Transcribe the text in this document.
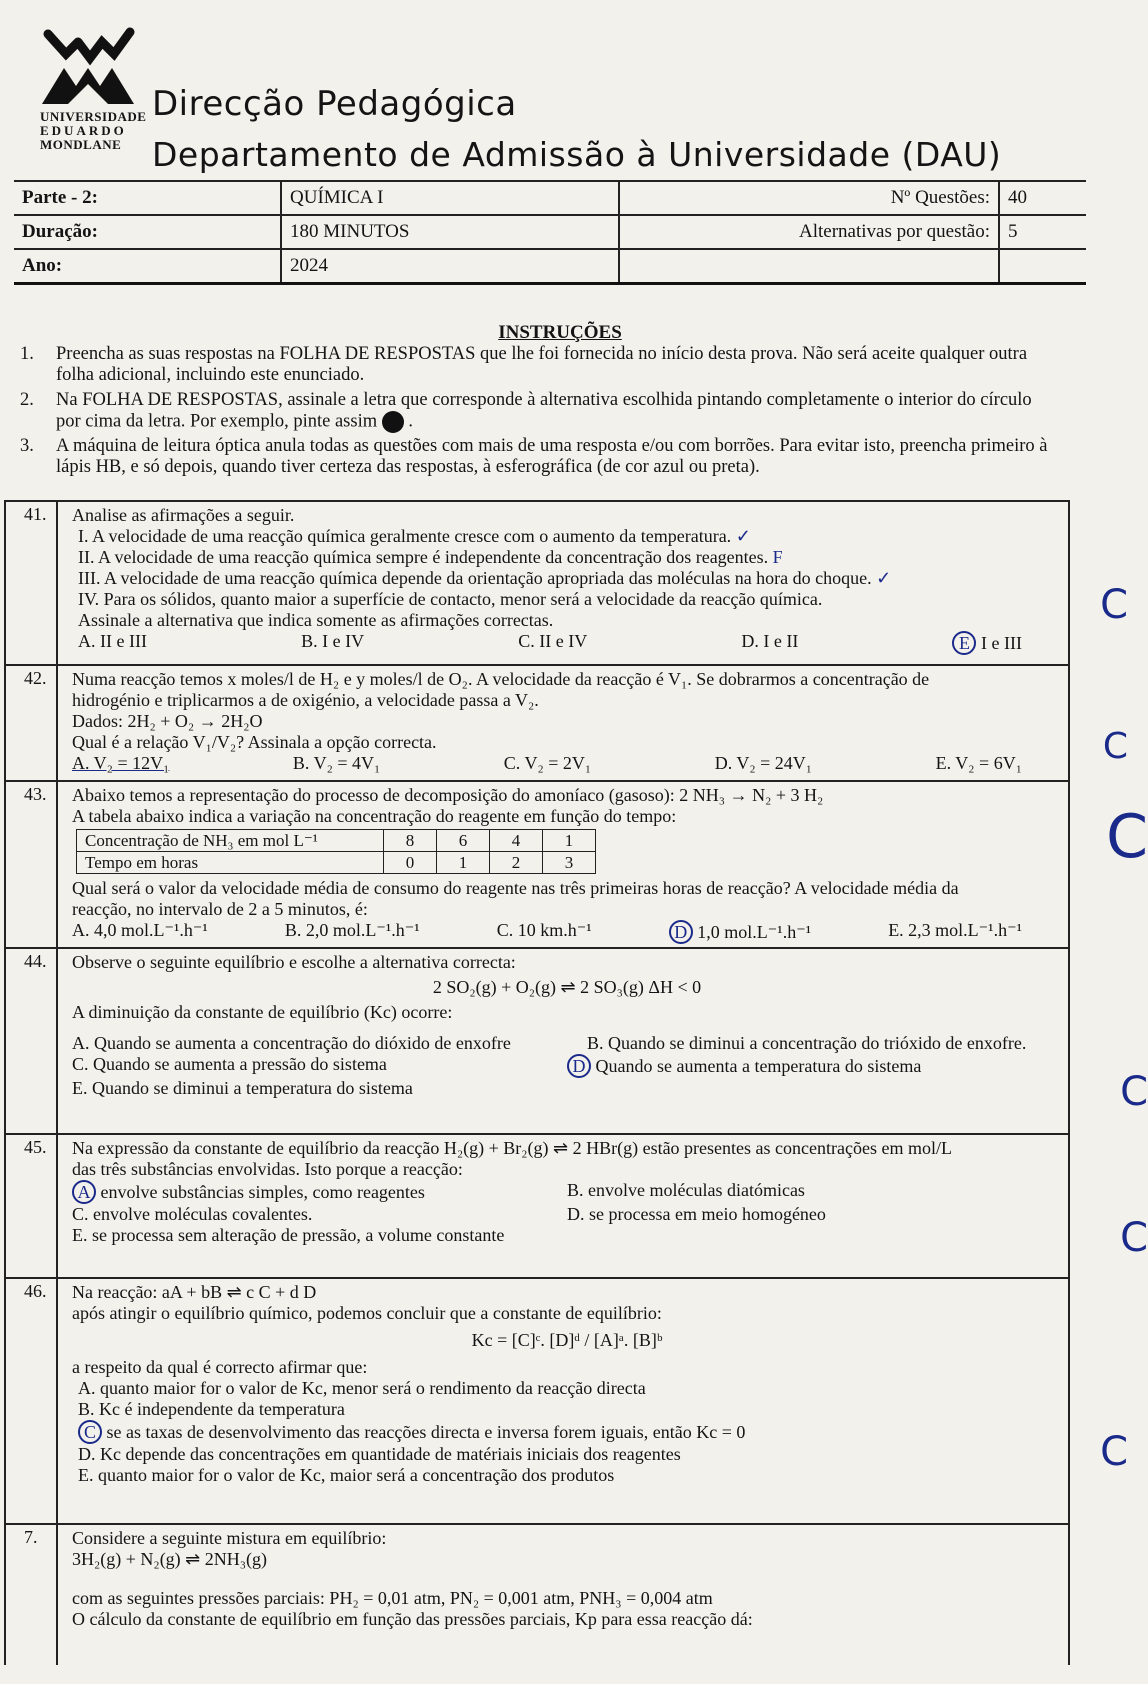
UNIVERSIDADE
EDUARDO
MONDLANE
Direcção Pedagógica
Departamento de Admissão à Universidade (DAU)
Parte - 2:	QUÍMICA I	Nº Questões:	40
Duração:	180 MINUTOS	Alternativas por questão:	5
Ano:	2024		
INSTRUÇÕES
1. Preencha as suas respostas na FOLHA DE RESPOSTAS que lhe foi fornecida no início desta prova. Não será aceite qualquer outra folha adicional, incluindo este enunciado.
2. Na FOLHA DE RESPOSTAS, assinale a letra que corresponde à alternativa escolhida pintando completamente o interior do círculo por cima da letra. Por exemplo, pinte assim  .
3. A máquina de leitura óptica anula todas as questões com mais de uma resposta e/ou com borrões. Para evitar isto, preencha primeiro à lápis HB, e só depois, quando tiver certeza das respostas, à esferográfica (de cor azul ou preta).
41.	Analise as afirmações a seguir.
I. A velocidade de uma reacção química geralmente cresce com o aumento da temperatura. ✓
II. A velocidade de uma reacção química sempre é independente da concentração dos reagentes. F
III. A velocidade de uma reacção química depende da orientação apropriada das moléculas na hora do choque. ✓
IV. Para os sólidos, quanto maior a superfície de contacto, menor será a velocidade da reacção química.
Assinale a alternativa que indica somente as afirmações correctas.
A. II e III	B. I e IV	C. II e IV	D. I e II	E I e III
C
42.	Numa reacção temos x moles/l de H₂ e y moles/l de O₂. A velocidade da reacção é V₁. Se dobrarmos a concentração de
hidrogénio e triplicarmos a de oxigénio, a velocidade passa a V₂.
Dados: 2H₂ + O₂ → 2H₂O
Qual é a relação V₁/V₂? Assinala a opção correcta.
A. V₂ = 12V₁	B. V₂ = 4V₁	C. V₂ = 2V₁	D. V₂ = 24V₁	E. V₂ = 6V₁ C
43.	Abaixo temos a representação do processo de decomposição do amoníaco (gasoso): 2 NH₃ → N₂ + 3 H₂
A tabela abaixo indica a variação na concentração do reagente em função do tempo:
Concentração de NH₃ em mol L⁻¹	8	6	4	1
Tempo em horas	0	1	2	3
Qual será o valor da velocidade média de consumo do reagente nas três primeiras horas de reacção? A velocidade média da
reacção, no intervalo de 2 a 5 minutos, é:
A. 4,0 mol.L⁻¹.h⁻¹	B. 2,0 mol.L⁻¹.h⁻¹	C. 10 km.h⁻¹	D 1,0 mol.L⁻¹.h⁻¹	E. 2,3 mol.L⁻¹.h⁻¹
C
44.	Observe o seguinte equilíbrio e escolhe a alternativa correcta:
2 SO₂(g) + O₂(g) ⇌ 2 SO₃(g) ΔH < 0
A diminuição da constante de equilíbrio (Kc) ocorre:
A. Quando se aumenta a concentração do dióxido de enxofre	B. Quando se diminui a concentração do trióxido de enxofre.
C. Quando se aumenta a pressão do sistema	D Quando se aumenta a temperatura do sistema
E. Quando se diminui a temperatura do sistema	C
45.	Na expressão da constante de equilíbrio da reacção H₂(g) + Br₂(g) ⇌ 2 HBr(g) estão presentes as concentrações em mol/L
das três substâncias envolvidas. Isto porque a reacção:
A envolve substâncias simples, como reagentes	B. envolve moléculas diatómicas
C. envolve moléculas covalentes.	D. se processa em meio homogéneo
E. se processa sem alteração de pressão, a volume constante	C
46.	Na reacção: aA + bB ⇌ c C + d D
após atingir o equilíbrio químico, podemos concluir que a constante de equilíbrio:
Kc = [C]ᶜ. [D]ᵈ / [A]ᵃ. [B]ᵇ
a respeito da qual é correcto afirmar que:
A. quanto maior for o valor de Kc, menor será o rendimento da reacção directa
B. Kc é independente da temperatura
C se as taxas de desenvolvimento das reacções directa e inversa forem iguais, então Kc = 0
D. Kc depende das concentrações em quantidade de matériais iniciais dos reagentes
E. quanto maior for o valor de Kc, maior será a concentração dos produtos	C
7.	Considere a seguinte mistura em equilíbrio:
3H₂(g) + N₂(g) ⇌ 2NH₃(g)
com as seguintes pressões parciais: PH₂ = 0,01 atm, PN₂ = 0,001 atm, PNH₃ = 0,004 atm
O cálculo da constante de equilíbrio em função das pressões parciais, Kp para essa reacção dá:
